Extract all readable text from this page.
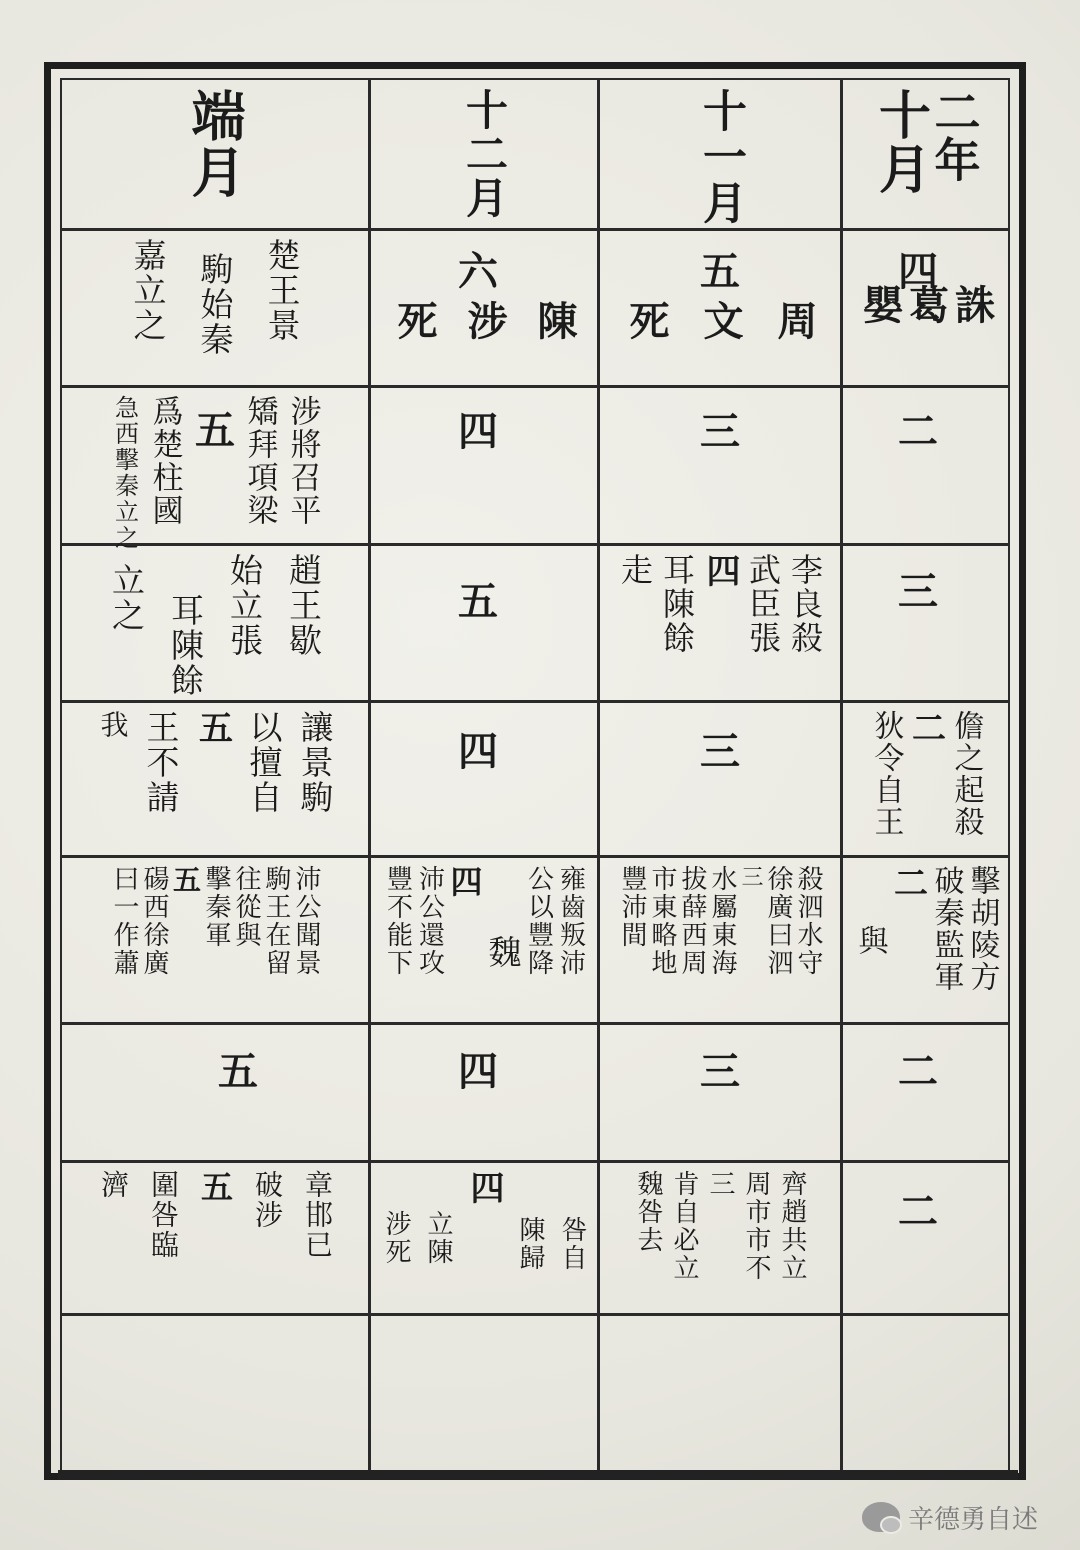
二年
十月
十一月
十二月
端月
誅
葛
嬰
四
五
周
文
死
六
陳
涉
死
楚王景
駒始秦
嘉立之
二
三
四
涉將召平
矯拜項梁
五
爲楚柱國
急西擊秦立之
三
李良殺
武臣張
四
耳陳餘
走
五
趙王歇
始立張
耳陳餘
立之
儋之起殺
二
狄令自王
三
四
讓景駒
以擅自
五
王不請
我
擊胡陵方
破秦監軍
二
與
殺泗水守
徐廣曰泗
三
水屬東海
拔薛西周
市東略地
豐沛間
雍齒叛沛
公以豐降
魏
四
沛公還攻
豐不能下
沛公聞景
駒王在留
往從與
擊秦軍
五
碭西徐廣
曰一作蕭
二
三
四
五
二
齊趙共立
周市市不
三
肯自必立
魏咎去
咎自
陳歸
四
立陳
涉死
章邯已
破涉
五
圍咎臨
濟
辛德勇自述
